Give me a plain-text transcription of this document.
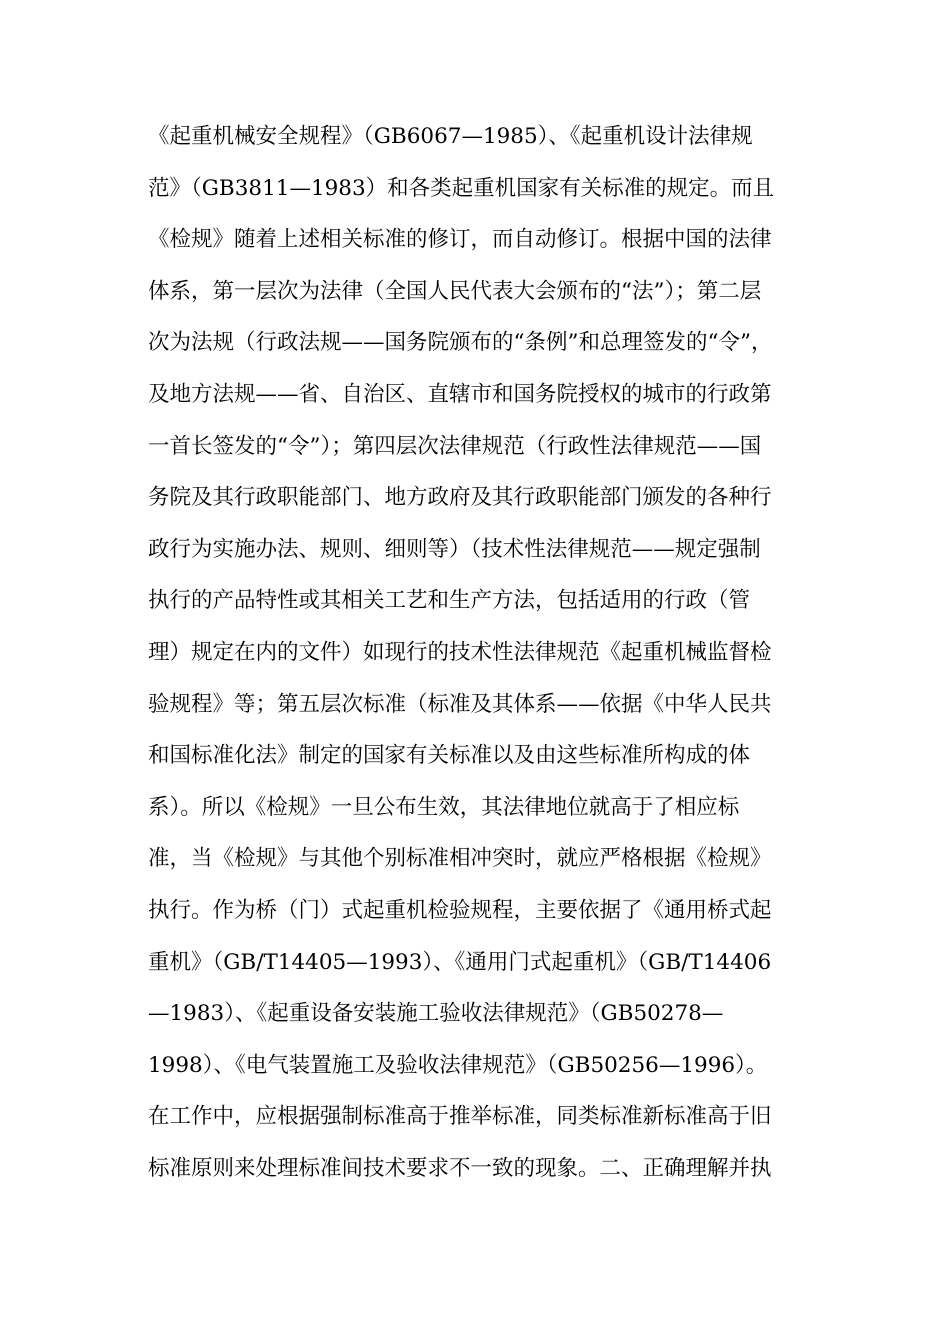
《起重机械安全规程》（GB6067—1985）、《起重机设计法律规
范》（GB3811—1983）和各类起重机国家有关标准的规定。而且
《检规》随着上述相关标准的修订，而自动修订。根据中国的法律
体系，第一层次为法律（全国人民代表大会颁布的“法”）；第二层
次为法规（行政法规——国务院颁布的“条例”和总理签发的“令”，
及地方法规——省、自治区、直辖市和国务院授权的城市的行政第
一首长签发的“令”）；第四层次法律规范（行政性法律规范——国
务院及其行政职能部门、地方政府及其行政职能部门颁发的各种行
政行为实施办法、规则、细则等）（技术性法律规范——规定强制
执行的产品特性或其相关工艺和生产方法，包括适用的行政（管
理）规定在内的文件）如现行的技术性法律规范《起重机械监督检
验规程》等；第五层次标准（标准及其体系——依据《中华人民共
和国标准化法》制定的国家有关标准以及由这些标准所构成的体
系）。所以《检规》一旦公布生效，其法律地位就高于了相应标
准，当《检规》与其他个别标准相冲突时，就应严格根据《检规》
执行。作为桥（门）式起重机检验规程，主要依据了《通用桥式起
重机》（GB/T14405—1993）、《通用门式起重机》（GB/T14406
—1983）、《起重设备安装施工验收法律规范》（GB50278—
1998）、《电气装置施工及验收法律规范》（GB50256—1996）。
在工作中，应根据强制标准高于推举标准，同类标准新标准高于旧
标准原则来处理标准间技术要求不一致的现象。二、正确理解并执
